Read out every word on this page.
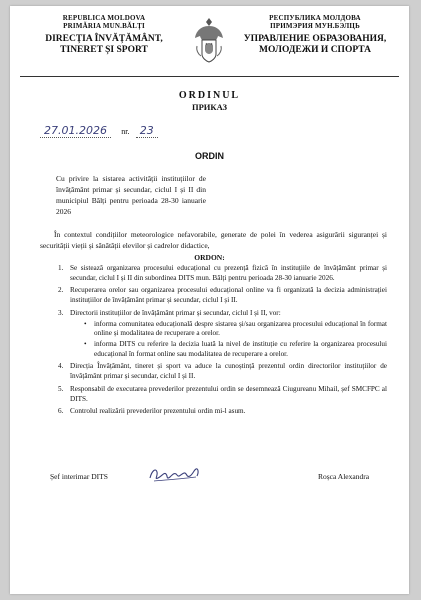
REPUBLICA MOLDOVA
PRIMĂRIA MUN.BĂLȚI
DIRECȚIA ÎNVĂȚĂMÂNT,
TINERET ȘI SPORT
РЕСПУБЛИКА МОЛДОВА
ПРИМЭРИЯ МУН.БЭЛЦЬ
УПРАВЛЕНИЕ ОБРАЗОВАНИЯ,
МОЛОДЕЖИ И СПОРТА
ORDINUL
ПРИКАЗ
27.01.2026 nr. 23
ORDIN
Cu privire la sistarea activității instituțiilor de învățământ primar și secundar, ciclul I și II din municipiul Bălți pentru perioada 28-30 ianuarie 2026
În contextul condițiilor meteorologice nefavorabile, generate de polei în vederea asigurării siguranței și securității vieții și sănătății elevilor și cadrelor didactice,
ORDON:
1. Se sistează organizarea procesului educațional cu prezență fizică în instituțiile de învățământ primar și secundar, ciclul I și II din subordinea DITS mun. Bălți pentru perioada 28-30 ianuarie 2026.
2. Recuperarea orelor sau organizarea procesului educațional online va fi organizată la decizia administrației instituțiilor de învățământ primar și secundar, ciclul I și II.
3. Directorii instituțiilor de învățământ primar și secundar, ciclul I și II, vor:
• informa comunitatea educațională despre sistarea și/sau organizarea procesului educațional în format online și modalitatea de recuperare a orelor.
• informa DITS cu referire la decizia luată la nivel de instituție cu referire la organizarea procesului educațional în format online sau modalitatea de recuperare a orelor.
4. Direcția Învățământ, tineret și sport va aduce la cunoștință prezentul ordin directorilor instituțiilor de învățământ primar și secundar, ciclul I și II.
5. Responsabil de executarea prevederilor prezentului ordin se desemnează Ciugureanu Mihail, șef SMCFPC al DITS.
6. Controlul realizării prevederilor prezentului ordin mi-l asum.
Șef interimar DITS	Roșca Alexandra
